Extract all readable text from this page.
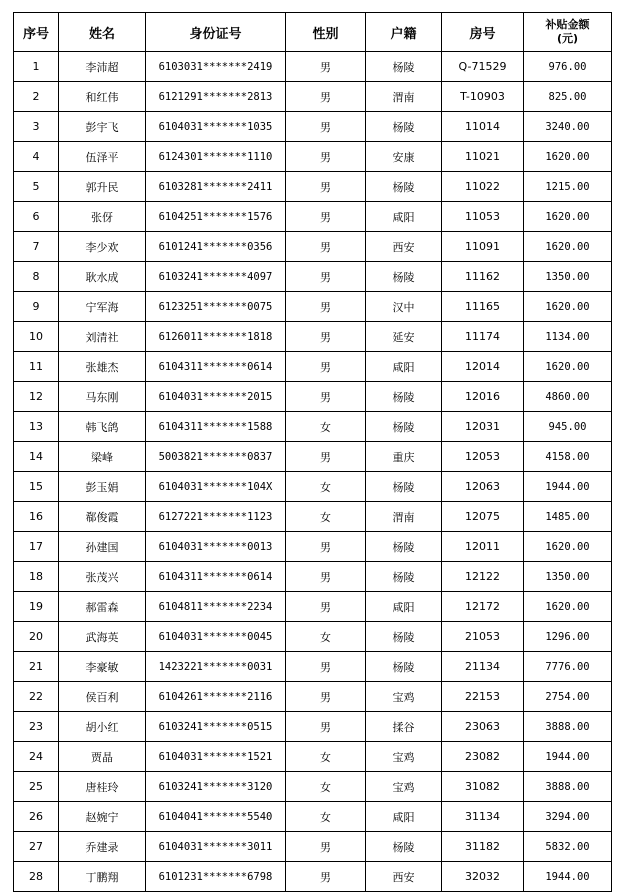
序号	姓名	身份证号	性别	户籍	房号	补贴金额
(元)

1	李沛超	6103031*******2419	男	杨陵	Q-71529	976.00
2	和红伟	6121291*******2813	男	渭南	T-10903	825.00
3	彭宇飞	6104031*******1035	男	杨陵	11014	3240.00
4	伍泽平	6124301*******1110	男	安康	11021	1620.00
5	郭升民	6103281*******2411	男	杨陵	11022	1215.00
6	张伢	6104251*******1576	男	咸阳	11053	1620.00
7	李少欢	6101241*******0356	男	西安	11091	1620.00
8	耿水成	6103241*******4097	男	杨陵	11162	1350.00
9	宁军海	6123251*******0075	男	汉中	11165	1620.00
10	刘清社	6126011*******1818	男	延安	11174	1134.00
11	张雄杰	6104311*******0614	男	咸阳	12014	1620.00
12	马东刚	6104031*******2015	男	杨陵	12016	4860.00
13	韩飞鸽	6104311*******1588	女	杨陵	12031	945.00
14	梁峰	5003821*******0837	男	重庆	12053	4158.00
15	彭玉娟	6104031*******104X	女	杨陵	12063	1944.00
16	郗俊霞	6127221*******1123	女	渭南	12075	1485.00
17	孙建国	6104031*******0013	男	杨陵	12011	1620.00
18	张茂兴	6104311*******0614	男	杨陵	12122	1350.00
19	郝雷森	6104811*******2234	男	咸阳	12172	1620.00
20	武海英	6104031*******0045	女	杨陵	21053	1296.00
21	李豪敏	1423221*******0031	男	杨陵	21134	7776.00
22	侯百利	6104261*******2116	男	宝鸡	22153	2754.00
23	胡小红	6103241*******0515	男	揉谷	23063	3888.00
24	贾晶	6104031*******1521	女	宝鸡	23082	1944.00
25	唐桂玲	6103241*******3120	女	宝鸡	31082	3888.00
26	赵婉宁	6104041*******5540	女	咸阳	31134	3294.00
27	乔建录	6104031*******3011	男	杨陵	31182	5832.00
28	丁鹏翔	6101231*******6798	男	西安	32032	1944.00
